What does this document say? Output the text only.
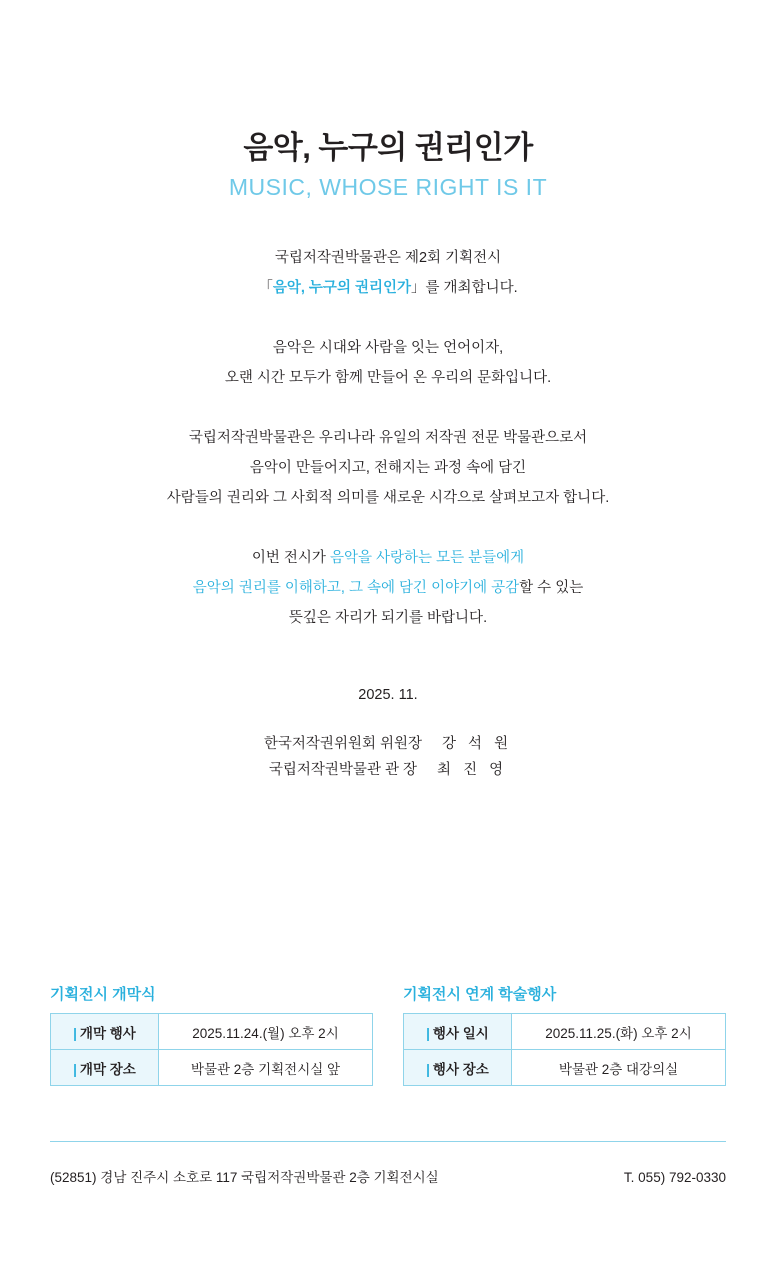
음악, 누구의 권리인가
MUSIC, WHOSE RIGHT IS IT

국립저작권박물관은 제2회 기획전시

「음악, 누구의 권리인가」를 개최합니다.

음악은 시대와 사람을 잇는 언어이자,

오랜 시간 모두가 함께 만들어 온 우리의 문화입니다.

국립저작권박물관은 우리나라 유일의 저작권 전문 박물관으로서

음악이 만들어지고, 전해지는 과정 속에 담긴

사람들의 권리와 그 사회적 의미를 새로운 시각으로 살펴보고자 합니다.

이번 전시가 음악을 사랑하는 모든 분들에게

음악의 권리를 이해하고, 그 속에 담긴 이야기에 공감할 수 있는

뜻깊은 자리가 되기를 바랍니다.

2025. 11.
한국저작권위원회 위원장 강 석 원
국립저작권박물관 관 장 최 진 영
기획전시 개막식
| 개막 행사	2025.11.24.(월) 오후 2시
| 개막 장소	박물관 2층 기획전시실 앞
기획전시 연계 학술행사
| 행사 일시	2025.11.25.(화) 오후 2시
| 행사 장소	박물관 2층 대강의실
(52851) 경남 진주시 소호로 117 국립저작권박물관 2층 기획전시실	T. 055) 792-0330
